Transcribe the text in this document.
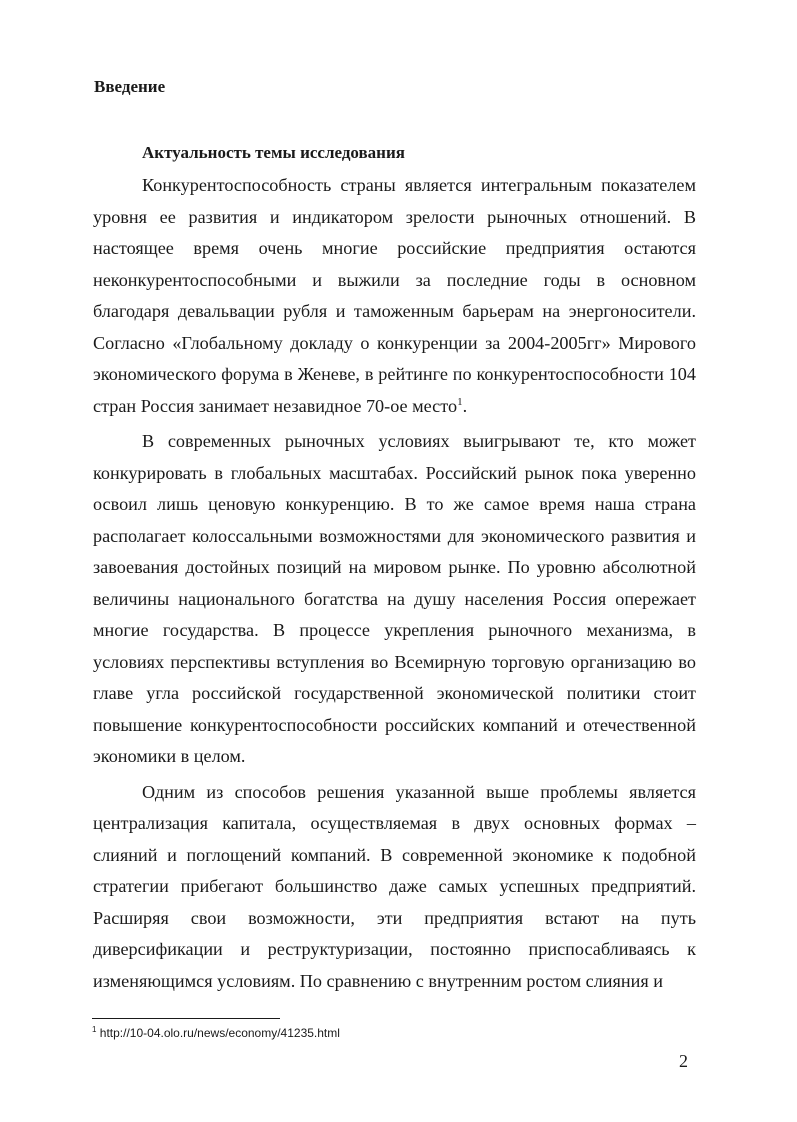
Введение
Актуальность темы исследования

Конкурентоспособность страны является интегральным показателем уровня ее развития и индикатором зрелости рыночных отношений. В настоящее время очень многие российские предприятия остаются неконкурентоспособными и выжили за последние годы в основном благодаря девальвации рубля и таможенным барьерам на энергоносители. Согласно «Глобальному докладу о конкуренции за 2004-2005гг» Мирового экономического форума в Женеве, в рейтинге по конкурентоспособности 104 стран Россия занимает незавидное 70-ое место$^1$.

В современных рыночных условиях выигрывают те, кто может конкурировать в глобальных масштабах. Российский рынок пока уверенно освоил лишь ценовую конкуренцию. В то же самое время наша страна располагает колоссальными возможностями для экономического развития и завоевания достойных позиций на мировом рынке. По уровню абсолютной величины национального богатства на душу населения Россия опережает многие государства. В процессе укрепления рыночного механизма, в условиях перспективы вступления во Всемирную торговую организацию во главе угла российской государственной экономической политики стоит повышение конкурентоспособности российских компаний и отечественной экономики в целом.

Одним из способов решения указанной выше проблемы является централизация капитала, осуществляемая в двух основных формах – слияний и поглощений компаний. В современной экономике к подобной стратегии прибегают большинство даже самых успешных предприятий. Расширяя свои возможности, эти предприятия встают на путь диверсификации и реструктуризации, постоянно приспосабливаясь к изменяющимся условиям. По сравнению с внутренним ростом слияния и

$^1$ http://10-04.olo.ru/news/economy/41235.html
2
